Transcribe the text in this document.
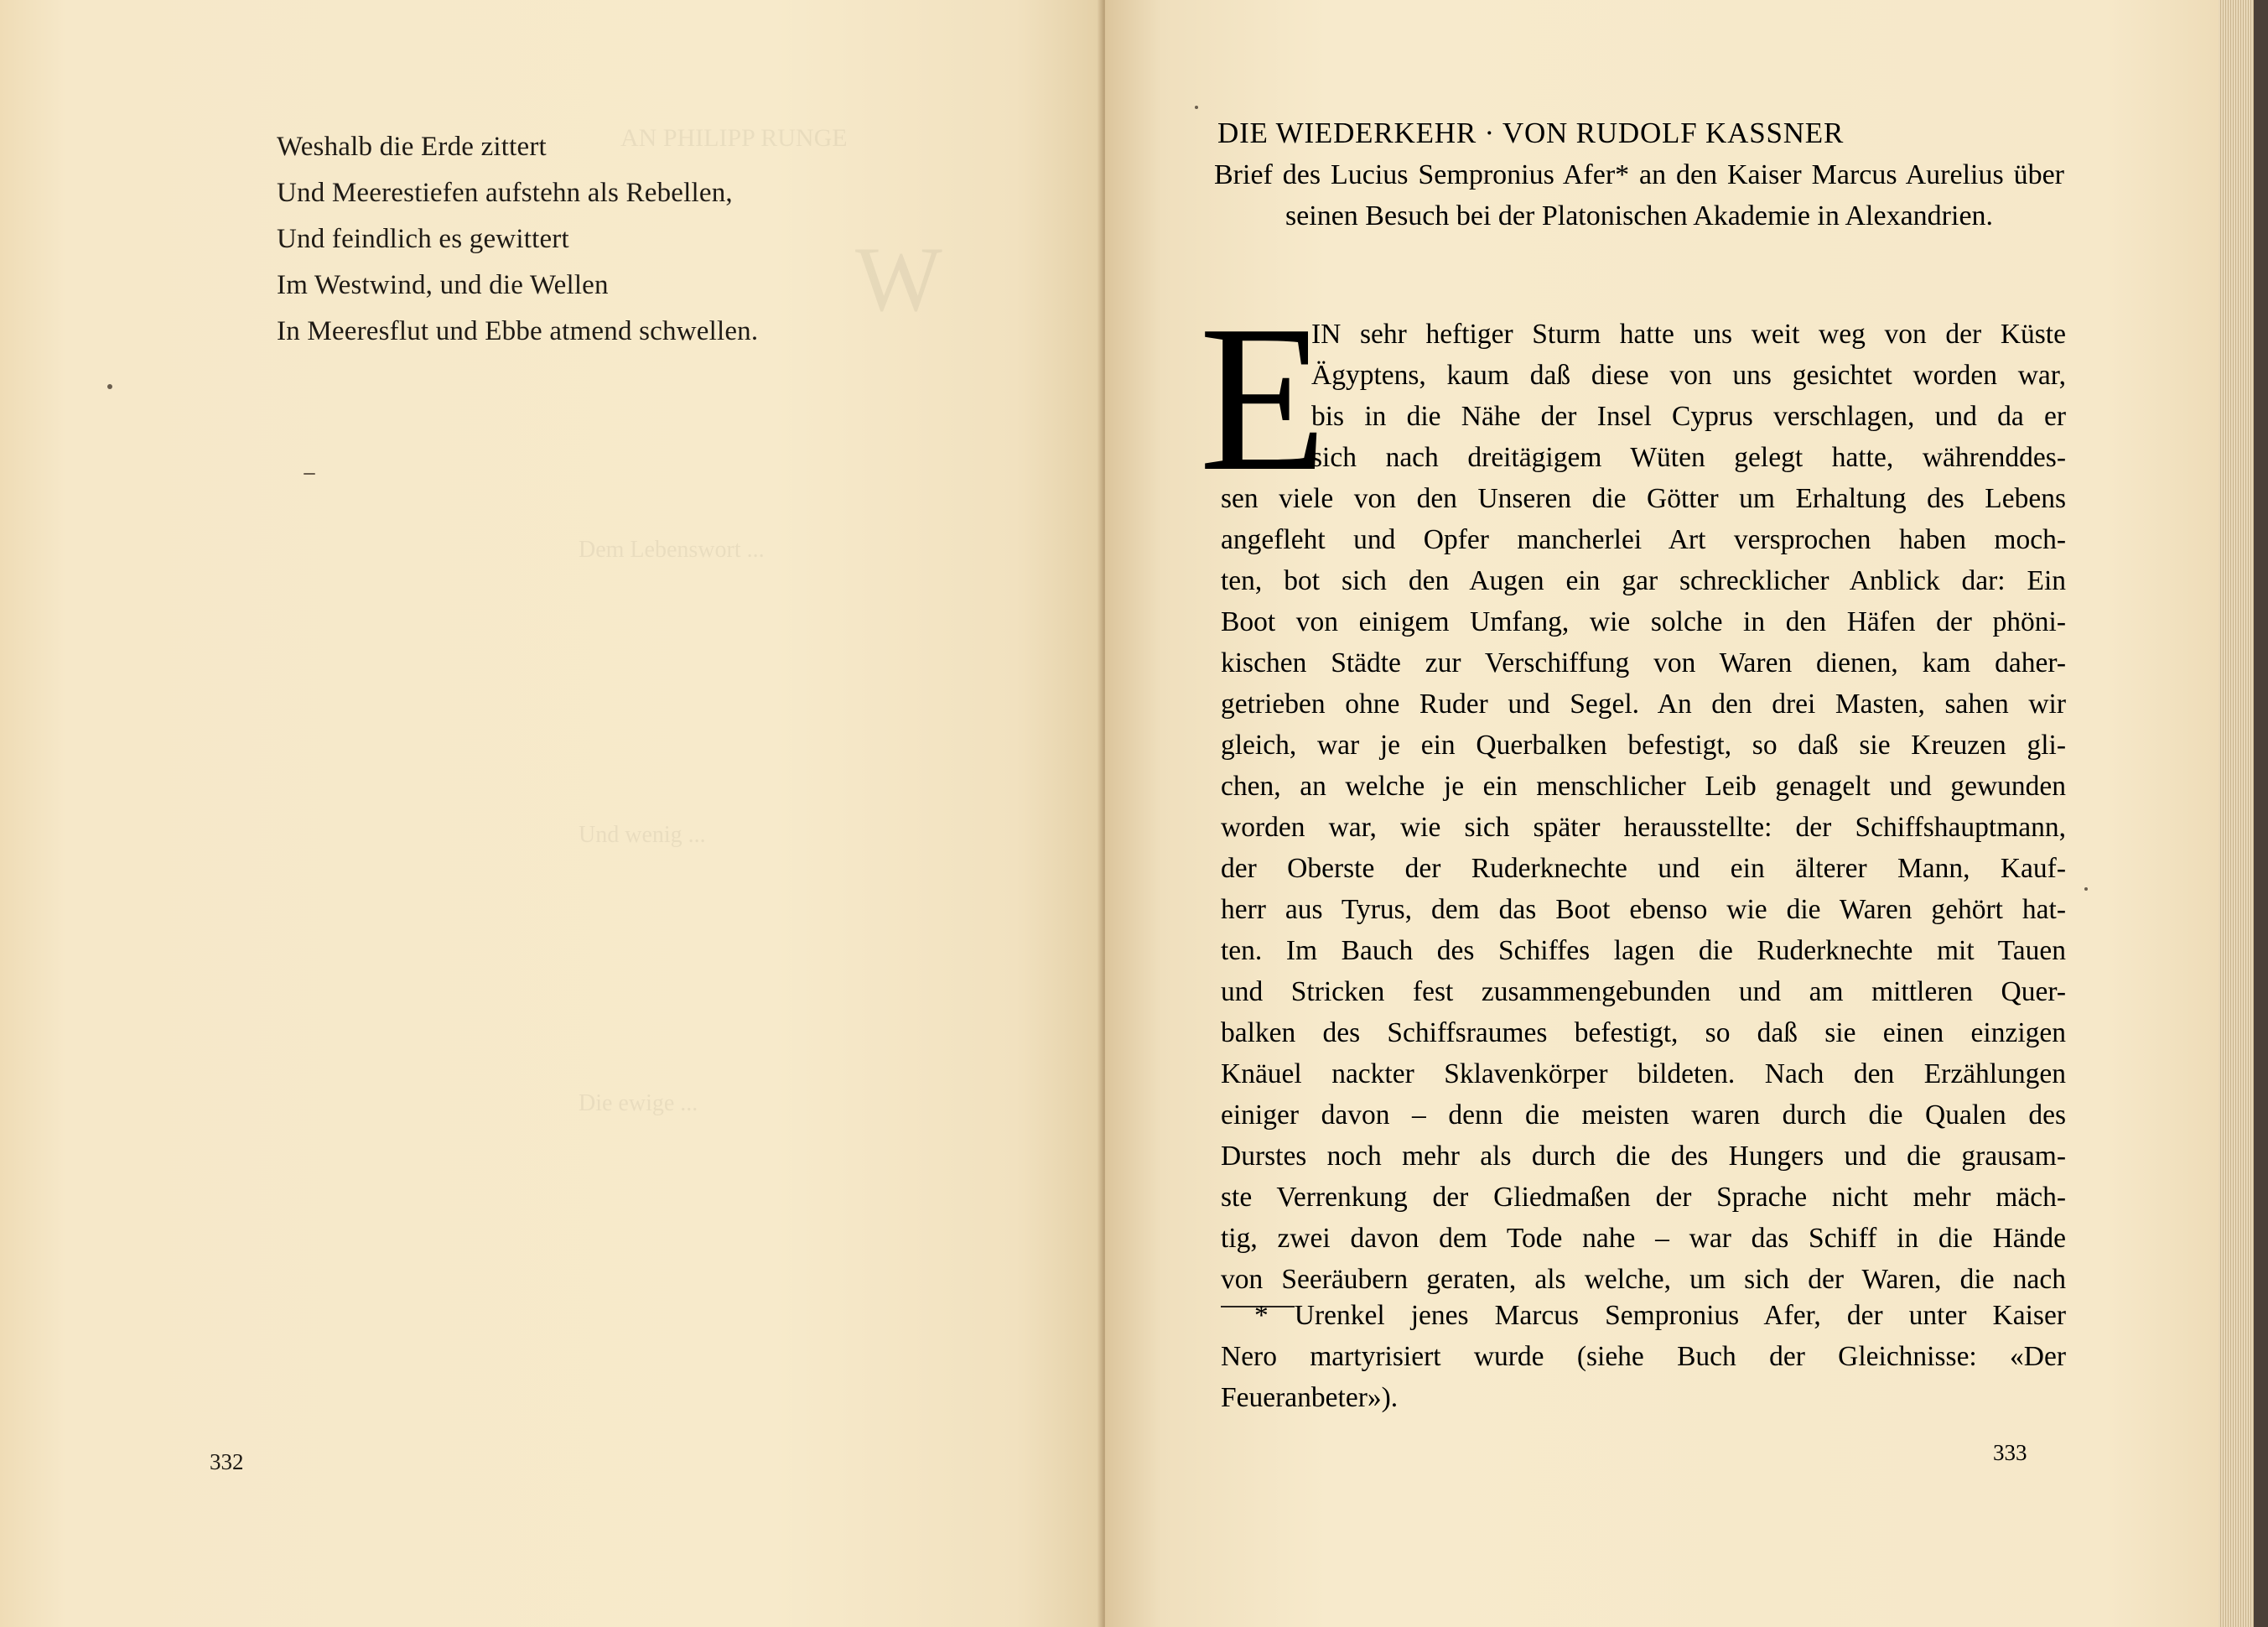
AN PHILIPP RUNGE
W
Dem Lebenswort ...
Und wenig ...
Die ewige ...
Weshalb die Erde zittert
Und Meerestiefen aufstehn als Rebellen,
Und feindlich es gewittert
Im Westwind, und die Wellen
In Meeresflut und Ebbe atmend schwellen.
332
DIE WIEDERKEHR · VON RUDOLF KASSNER
Brief des Lucius Sempronius Afer* an den Kaiser Marcus Aurelius über seinen Besuch bei der Platonischen Akademie in Alexandrien.
E
IN sehr heftiger Sturm hatte uns weit weg von der Küste
Ägyptens, kaum daß diese von uns gesichtet worden war,
bis in die Nähe der Insel Cyprus verschlagen, und da er
sich nach dreitägigem Wüten gelegt hatte, währenddes-
sen viele von den Unseren die Götter um Erhaltung des Lebens
angefleht und Opfer mancherlei Art versprochen haben moch-
ten, bot sich den Augen ein gar schrecklicher Anblick dar: Ein
Boot von einigem Umfang, wie solche in den Häfen der phöni-
kischen Städte zur Verschiffung von Waren dienen, kam daher-
getrieben ohne Ruder und Segel. An den drei Masten, sahen wir
gleich, war je ein Querbalken befestigt, so daß sie Kreuzen gli-
chen, an welche je ein menschlicher Leib genagelt und gewunden
worden war, wie sich später herausstellte: der Schiffshauptmann,
der Oberste der Ruderknechte und ein älterer Mann, Kauf-
herr aus Tyrus, dem das Boot ebenso wie die Waren gehört hat-
ten. Im Bauch des Schiffes lagen die Ruderknechte mit Tauen
und Stricken fest zusammengebunden und am mittleren Quer-
balken des Schiffsraumes befestigt, so daß sie einen einzigen
Knäuel nackter Sklavenkörper bildeten. Nach den Erzählungen
einiger davon – denn die meisten waren durch die Qualen des
Durstes noch mehr als durch die des Hungers und die grausam-
ste Verrenkung der Gliedmaßen der Sprache nicht mehr mäch-
tig, zwei davon dem Tode nahe – war das Schiff in die Hände
von Seeräubern geraten, als welche, um sich der Waren, die nach
* Urenkel jenes Marcus Sempronius Afer, der unter Kaiser
Nero martyrisiert wurde (siehe Buch der Gleichnisse: «Der
Feueranbeter»).
333
